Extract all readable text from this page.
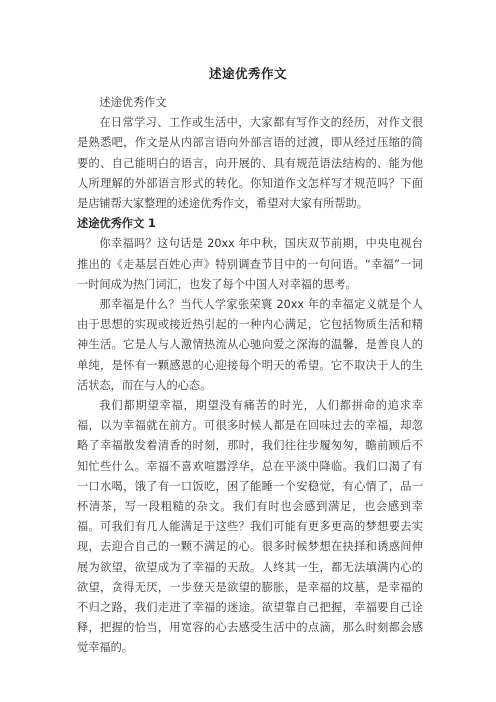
述途优秀作文

述途优秀作文

在日常学习、工作或生活中，大家都有写作文的经历，对作文很是熟悉吧，作文是从内部言语向外部言语的过渡，即从经过压缩的简要的、自己能明白的语言，向开展的、具有规范语法结构的、能为他人所理解的外部语言形式的转化。你知道作文怎样写才规范吗？下面是店铺帮大家整理的述途优秀作文，希望对大家有所帮助。

述途优秀作文 1

你幸福吗？这句话是 20xx 年中秋，国庆双节前期，中央电视台推出的《走基层百姓心声》特别调查节目中的一句问语。“幸福”一词一时间成为热门词汇，也发了每个中国人对幸福的思考。

那幸福是什么？当代人学家张荣寰 20xx 年的幸福定义就是个人由于思想的实现或接近热引起的一种内心满足，它包括物质生活和精神生活。它是人与人激情热流从心驰向爱之深海的温馨，是善良人的单纯，是怀有一颗感恩的心迎接每个明天的希望。它不取决于人的生活状态，而在与人的心态。

我们都期望幸福，期望没有痛苦的时光，人们都拼命的追求幸福，以为幸福就在前方。可很多时候人都是在回味过去的幸福，却忽略了幸福散发着清香的时刻，那时，我们往往步履匆匆，瞻前顾后不知忙些什么。幸福不喜欢喧嚣浮华，总在平淡中降临。我们口渴了有一口水喝，饿了有一口饭吃，困了能睡一个安稳觉，有心情了，品一杯清茶，写一段粗糙的杂文。我们有时也会感到满足，也会感到幸福。可我们有几人能满足于这些？我们可能有更多更高的梦想要去实现，去迎合自己的一颗不满足的心。很多时候梦想在抉择和诱惑间伸展为欲望，欲望成为了幸福的天敌。人终其一生，都无法填满内心的欲望，贪得无厌，一步登天是欲望的膨胀，是幸福的坟墓，是幸福的不归之路，我们走进了幸福的迷途。欲望靠自己把握，幸福要自己诠释，把握的恰当，用宽容的心去感受生活中的点滴，那么时刻都会感觉幸福的。
